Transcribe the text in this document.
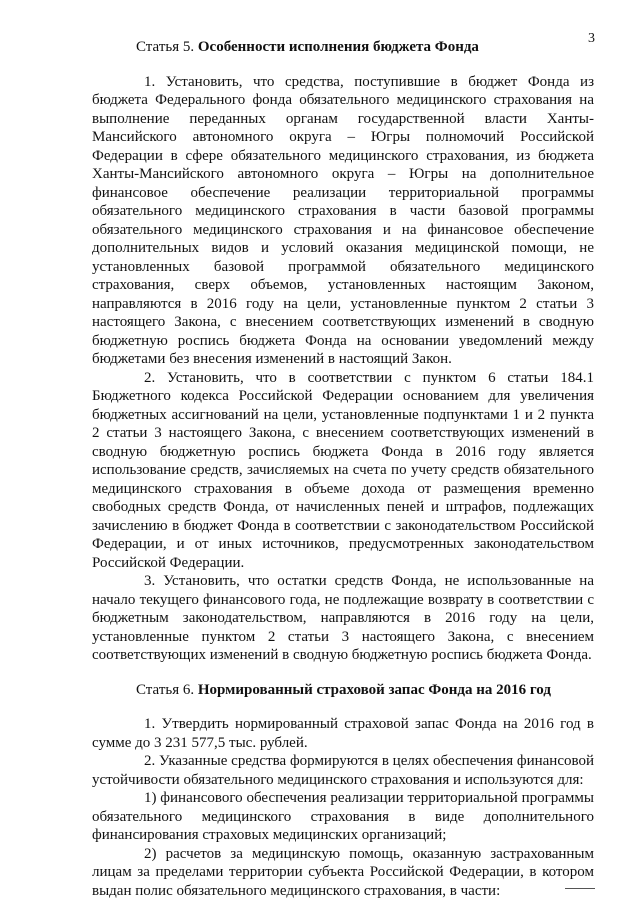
3
Статья 5. Особенности исполнения бюджета Фонда

1. Установить, что средства, поступившие в бюджет Фонда из бюджета Федерального фонда обязательного медицинского страхования на выполнение переданных органам государственной власти Ханты-Мансийского автономного округа – Югры полномочий Российской Федерации в сфере обязательного медицинского страхования, из бюджета Ханты-Мансийского автономного округа – Югры на дополнительное финансовое обеспечение реализации территориальной программы обязательного медицинского страхования в части базовой программы обязательного медицинского страхования и на финансовое обеспечение дополнительных видов и условий оказания медицинской помощи, не установленных базовой программой обязательного медицинского страхования, сверх объемов, установленных настоящим Законом, направляются в 2016 году на цели, установленные пунктом 2 статьи 3 настоящего Закона, с внесением соответствующих изменений в сводную бюджетную роспись бюджета Фонда на основании уведомлений между бюджетами без внесения изменений в настоящий Закон.

2. Установить, что в соответствии с пунктом 6 статьи 184.1 Бюджетного кодекса Российской Федерации основанием для увеличения бюджетных ассигнований на цели, установленные подпунктами 1 и 2 пункта 2 статьи 3 настоящего Закона, с внесением соответствующих изменений в сводную бюджетную роспись бюджета Фонда в 2016 году является использование средств, зачисляемых на счета по учету средств обязательного медицинского страхования в объеме дохода от размещения временно свободных средств Фонда, от начисленных пеней и штрафов, подлежащих зачислению в бюджет Фонда в соответствии с законодательством Российской Федерации, и от иных источников, предусмотренных законодательством Российской Федерации.

3. Установить, что остатки средств Фонда, не использованные на начало текущего финансового года, не подлежащие возврату в соответствии с бюджетным законодательством, направляются в 2016 году на цели, установленные пунктом 2 статьи 3 настоящего Закона, с внесением соответствующих изменений в сводную бюджетную роспись бюджета Фонда.

Статья 6. Нормированный страховой запас Фонда на 2016 год

1. Утвердить нормированный страховой запас Фонда на 2016 год в сумме до 3 231 577,5 тыс. рублей.

2. Указанные средства формируются в целях обеспечения финансовой устойчивости обязательного медицинского страхования и используются для:

1) финансового обеспечения реализации территориальной программы обязательного медицинского страхования в виде дополнительного финансирования страховых медицинских организаций;

2) расчетов за медицинскую помощь, оказанную застрахованным лицам за пределами территории субъекта Российской Федерации, в котором выдан полис обязательного медицинского страхования, в части:
